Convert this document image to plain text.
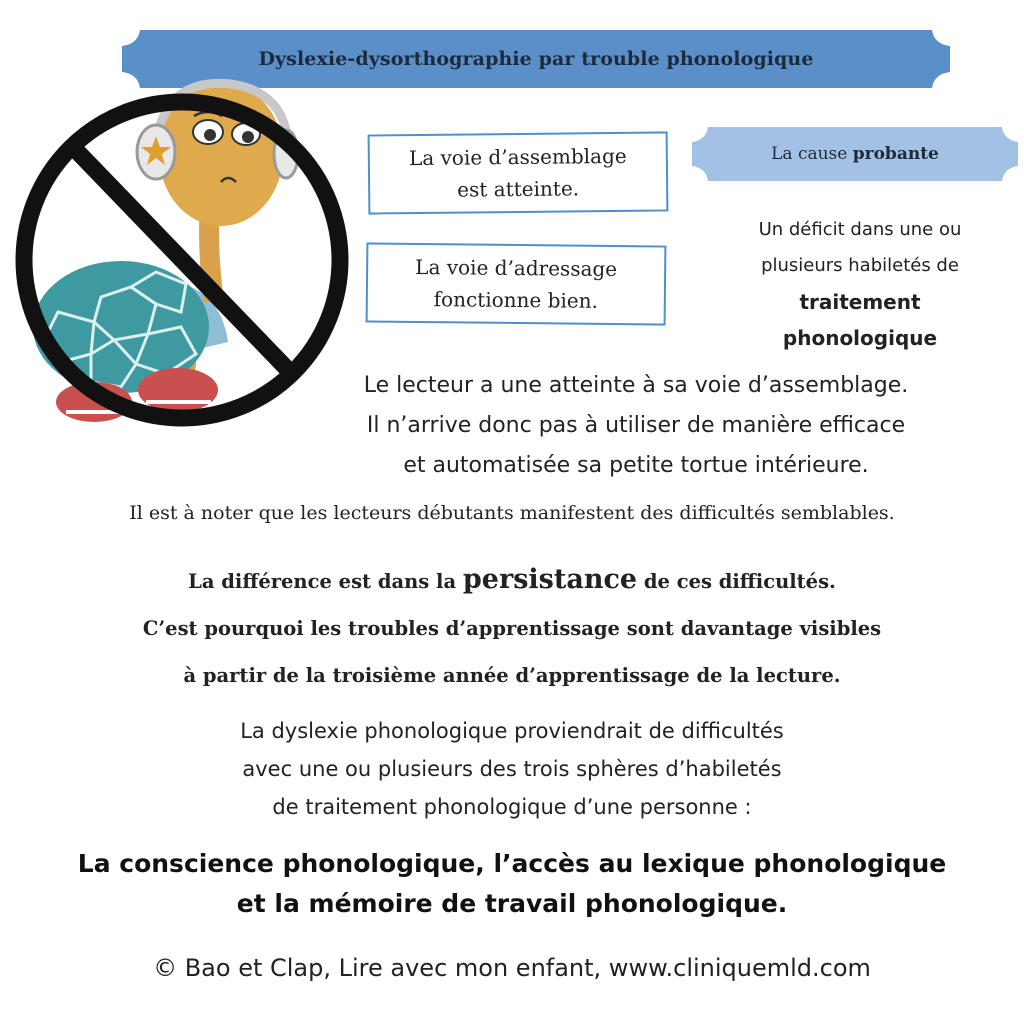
Dyslexie-dysorthographie par trouble phonologique
La voie d’assemblage
est atteinte.
La voie d’adressage
fonctionne bien.
La cause probante
Un déficit dans une ou
plusieurs habiletés de
traitement
phonologique
Le lecteur a une atteinte à sa voie d’assemblage.
Il n’arrive donc pas à utiliser de manière efficace
et automatisée sa petite tortue intérieure.
Il est à noter que les lecteurs débutants manifestent des difficultés semblables.
La différence est dans la persistance de ces difficultés.
C’est pourquoi les troubles d’apprentissage sont davantage visibles
à partir de la troisième année d’apprentissage de la lecture.
La dyslexie phonologique proviendrait de difficultés
avec une ou plusieurs des trois sphères d’habiletés
de traitement phonologique d’une personne :
La conscience phonologique, l’accès au lexique phonologique
et la mémoire de travail phonologique.
© Bao et Clap, Lire avec mon enfant, www.cliniquemld.com
